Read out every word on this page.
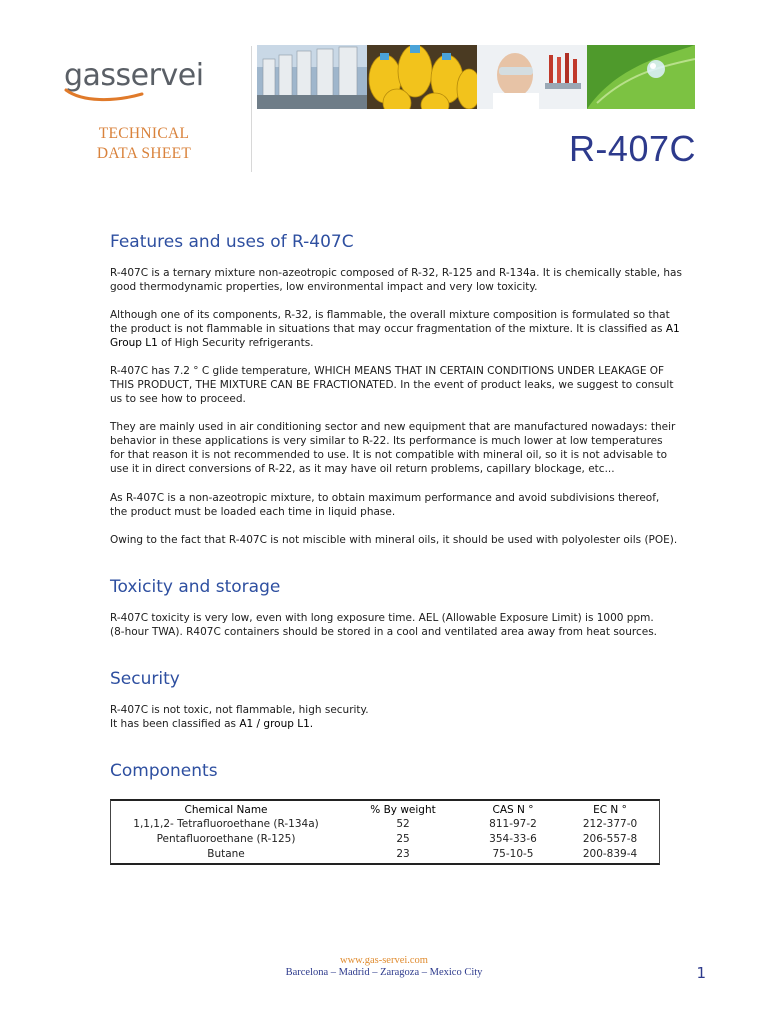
gasservei
TECHNICAL
DATA SHEET	R-407C
Features and uses of R-407C
R-407C is a ternary mixture non-azeotropic composed of R-32, R-125 and R-134a. It is chemically stable, has
good thermodynamic properties, low environmental impact and very low toxicity.
Although one of its components, R-32, is flammable, the overall mixture composition is formulated so that
the product is not flammable in situations that may occur fragmentation of the mixture. It is classified as A1
Group L1 of High Security refrigerants.
R-407C has 7.2 ° C glide temperature, WHICH MEANS THAT IN CERTAIN CONDITIONS UNDER LEAKAGE OF
THIS PRODUCT, THE MIXTURE CAN BE FRACTIONATED. In the event of product leaks, we suggest to consult
us to see how to proceed.
They are mainly used in air conditioning sector and new equipment that are manufactured nowadays: their
behavior in these applications is very similar to R-22. Its performance is much lower at low temperatures
for that reason it is not recommended to use. It is not compatible with mineral oil, so it is not advisable to
use it in direct conversions of R-22, as it may have oil return problems, capillary blockage, etc...
As R-407C is a non-azeotropic mixture, to obtain maximum performance and avoid subdivisions thereof,
the product must be loaded each time in liquid phase.
Owing to the fact that R-407C is not miscible with mineral oils, it should be used with polyolester oils (POE).
Toxicity and storage
R-407C toxicity is very low, even with long exposure time. AEL (Allowable Exposure Limit) is 1000 ppm.
(8-hour TWA). R407C containers should be stored in a cool and ventilated area away from heat sources.
Security
R-407C is not toxic, not flammable, high security.
It has been classified as A1 / group L1.
Components
Chemical Name	% By weight	CAS N °	EC N °
1,1,1,2- Tetrafluoroethane (R-134a)	52	811-97-2	212-377-0
Pentafluoroethane (R-125)	25	354-33-6	206-557-8
Butane	23	75-10-5	200-839-4
www.gas-servei.com
Barcelona – Madrid – Zaragoza – Mexico City	1
